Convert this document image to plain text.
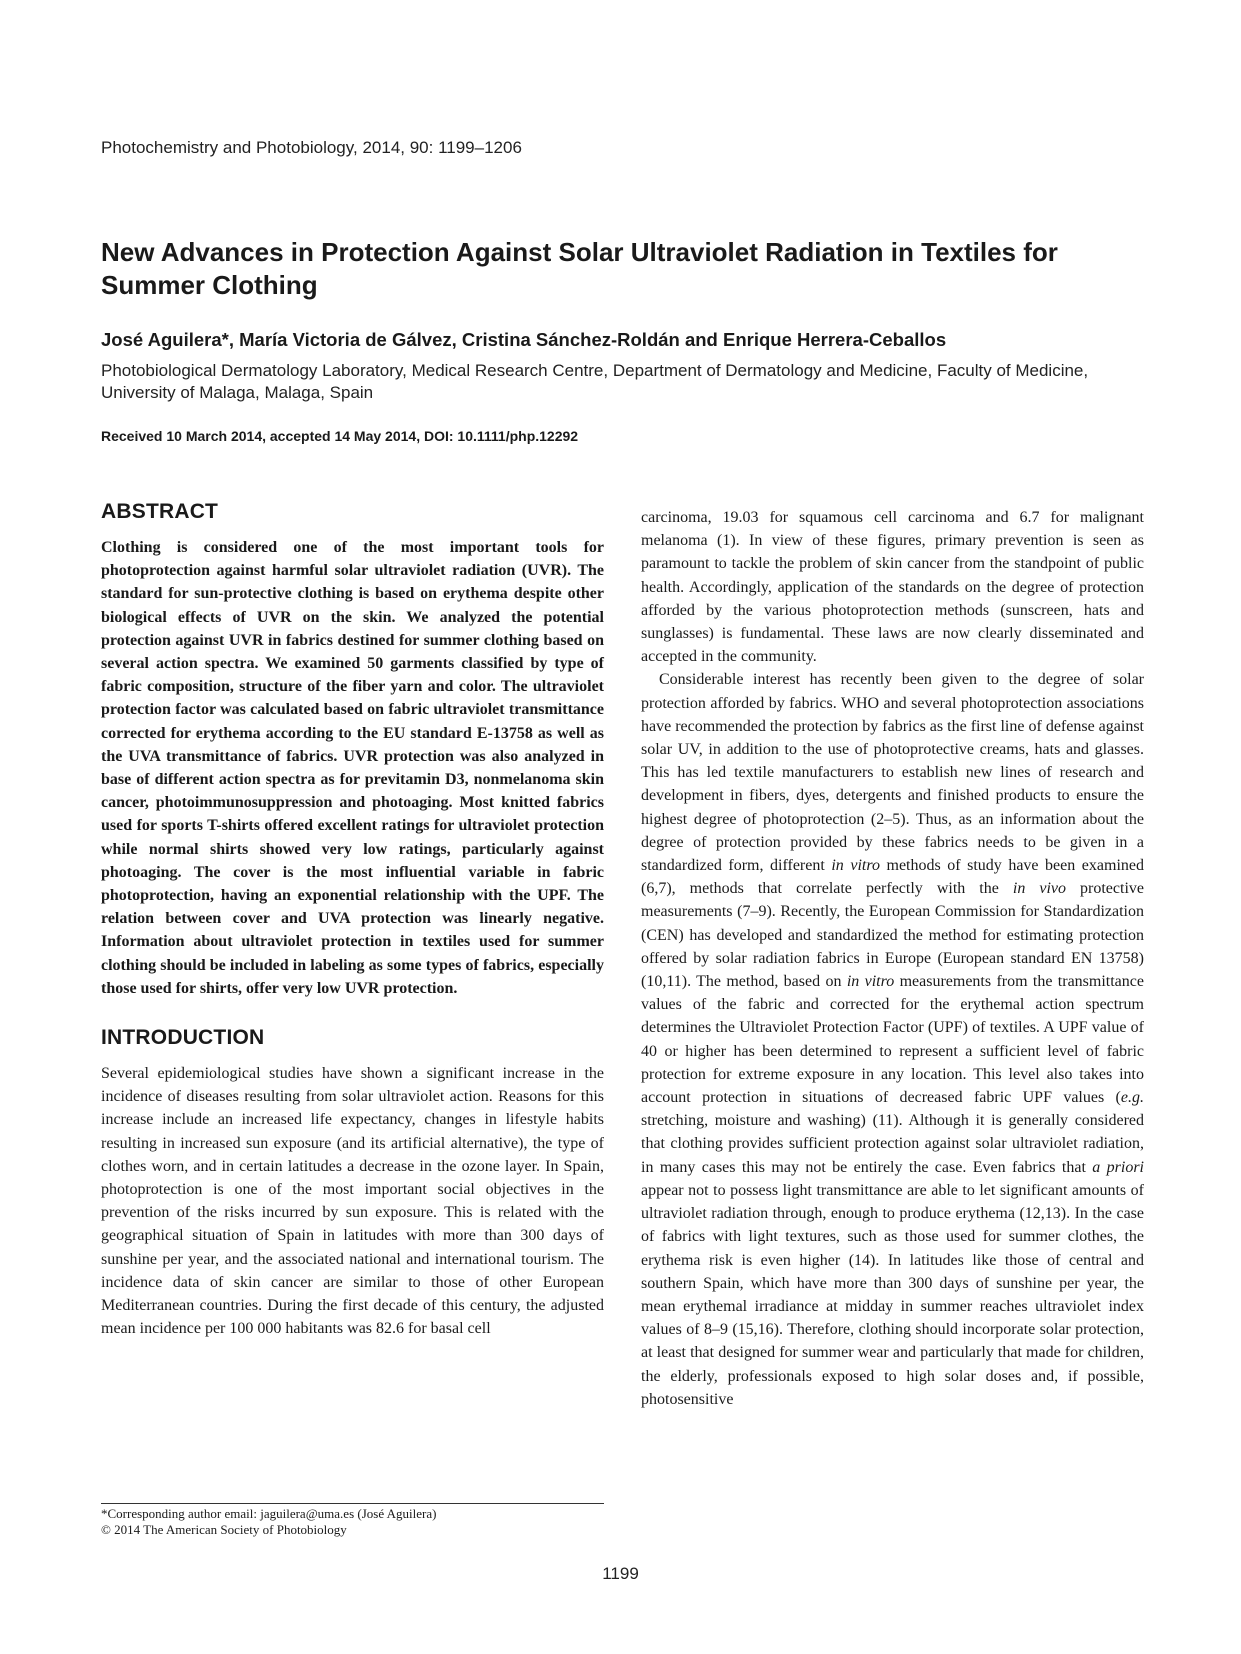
Photochemistry and Photobiology, 2014, 90: 1199–1206
New Advances in Protection Against Solar Ultraviolet Radiation in Textiles for Summer Clothing
José Aguilera*, María Victoria de Gálvez, Cristina Sánchez-Roldán and Enrique Herrera-Ceballos
Photobiological Dermatology Laboratory, Medical Research Centre, Department of Dermatology and Medicine, Faculty of Medicine, University of Malaga, Malaga, Spain
Received 10 March 2014, accepted 14 May 2014, DOI: 10.1111/php.12292
ABSTRACT

Clothing is considered one of the most important tools for photoprotection against harmful solar ultraviolet radiation (UVR). The standard for sun-protective clothing is based on erythema despite other biological effects of UVR on the skin. We analyzed the potential protection against UVR in fabrics destined for summer clothing based on several action spectra. We examined 50 garments classified by type of fabric composition, structure of the fiber yarn and color. The ultraviolet protection factor was calculated based on fabric ultraviolet transmittance corrected for erythema according to the EU standard E-13758 as well as the UVA transmittance of fabrics. UVR protection was also analyzed in base of different action spectra as for previtamin D3, nonmelanoma skin cancer, photoimmunosuppression and photoaging. Most knitted fabrics used for sports T-shirts offered excellent ratings for ultraviolet protection while normal shirts showed very low ratings, particularly against photoaging. The cover is the most influential variable in fabric photoprotection, having an exponential relationship with the UPF. The relation between cover and UVA protection was linearly negative. Information about ultraviolet protection in textiles used for summer clothing should be included in labeling as some types of fabrics, especially those used for shirts, offer very low UVR protection.

INTRODUCTION

Several epidemiological studies have shown a significant increase in the incidence of diseases resulting from solar ultraviolet action. Reasons for this increase include an increased life expectancy, changes in lifestyle habits resulting in increased sun exposure (and its artificial alternative), the type of clothes worn, and in certain latitudes a decrease in the ozone layer. In Spain, photoprotection is one of the most important social objectives in the prevention of the risks incurred by sun exposure. This is related with the geographical situation of Spain in latitudes with more than 300 days of sunshine per year, and the associated national and international tourism. The incidence data of skin cancer are similar to those of other European Mediterranean countries. During the first decade of this century, the adjusted mean incidence per 100 000 habitants was 82.6 for basal cell

carcinoma, 19.03 for squamous cell carcinoma and 6.7 for malignant melanoma (1). In view of these figures, primary prevention is seen as paramount to tackle the problem of skin cancer from the standpoint of public health. Accordingly, application of the standards on the degree of protection afforded by the various photoprotection methods (sunscreen, hats and sunglasses) is fundamental. These laws are now clearly disseminated and accepted in the community.

Considerable interest has recently been given to the degree of solar protection afforded by fabrics. WHO and several photoprotection associations have recommended the protection by fabrics as the first line of defense against solar UV, in addition to the use of photoprotective creams, hats and glasses. This has led textile manufacturers to establish new lines of research and development in fibers, dyes, detergents and finished products to ensure the highest degree of photoprotection (2–5). Thus, as an information about the degree of protection provided by these fabrics needs to be given in a standardized form, different in vitro methods of study have been examined (6,7), methods that correlate perfectly with the in vivo protective measurements (7–9). Recently, the European Commission for Standardization (CEN) has developed and standardized the method for estimating protection offered by solar radiation fabrics in Europe (European standard EN 13758) (10,11). The method, based on in vitro measurements from the transmittance values of the fabric and corrected for the erythemal action spectrum determines the Ultraviolet Protection Factor (UPF) of textiles. A UPF value of 40 or higher has been determined to represent a sufficient level of fabric protection for extreme exposure in any location. This level also takes into account protection in situations of decreased fabric UPF values (e.g. stretching, moisture and washing) (11). Although it is generally considered that clothing provides sufficient protection against solar ultraviolet radiation, in many cases this may not be entirely the case. Even fabrics that a priori appear not to possess light transmittance are able to let significant amounts of ultraviolet radiation through, enough to produce erythema (12,13). In the case of fabrics with light textures, such as those used for summer clothes, the erythema risk is even higher (14). In latitudes like those of central and southern Spain, which have more than 300 days of sunshine per year, the mean erythemal irradiance at midday in summer reaches ultraviolet index values of 8–9 (15,16). Therefore, clothing should incorporate solar protection, at least that designed for summer wear and particularly that made for children, the elderly, professionals exposed to high solar doses and, if possible, photosensitive

*Corresponding author email: jaguilera@uma.es (José Aguilera)
© 2014 The American Society of Photobiology
1199
